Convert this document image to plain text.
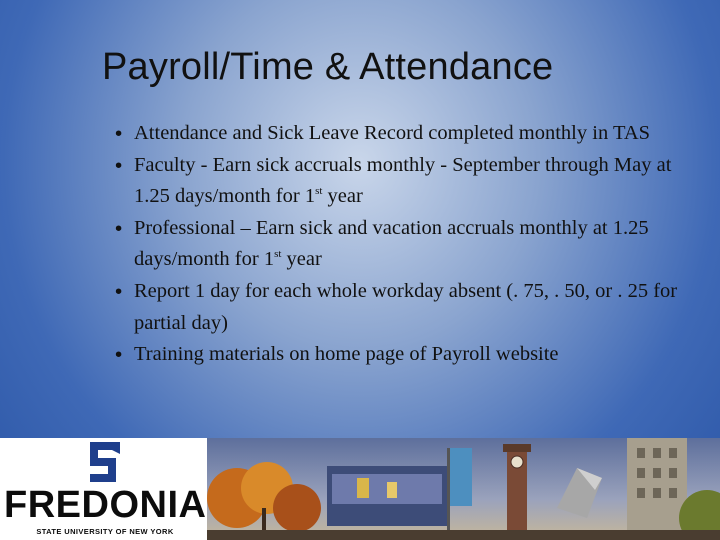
Payroll/Time & Attendance
• Attendance and Sick Leave Record completed monthly in TAS
• Faculty - Earn sick accruals monthly - September through May at 1.25 days/month for 1st year
• Professional – Earn sick and vacation accruals monthly at 1.25 days/month for 1st year
• Report 1 day for each whole workday absent (. 75, . 50, or . 25 for partial day)
• Training materials on home page of Payroll website
FREDONIA
STATE UNIVERSITY OF NEW YORK
